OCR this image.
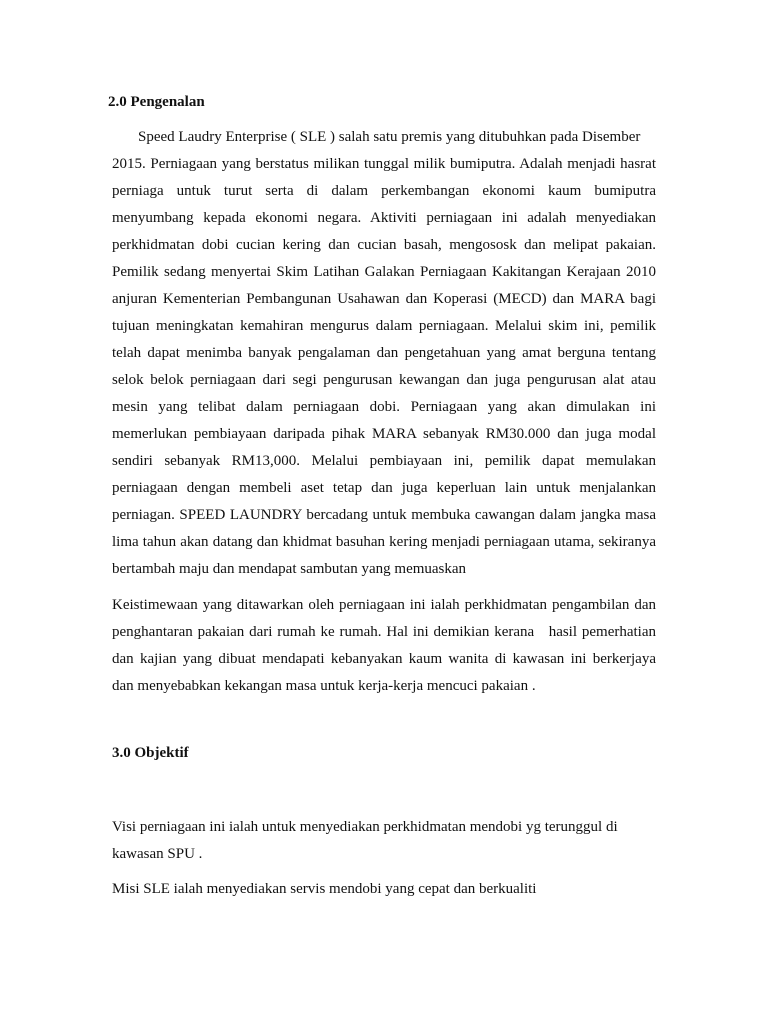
2.0 Pengenalan
Speed Laudry Enterprise ( SLE ) salah satu premis yang ditubuhkan pada Disember
2015. Perniagaan yang berstatus milikan tunggal milik bumiputra. Adalah menjadi hasrat
perniaga untuk turut serta di dalam perkembangan ekonomi kaum bumiputra
menyumbang kepada ekonomi negara. Aktiviti perniagaan ini adalah menyediakan
perkhidmatan dobi cucian kering dan cucian basah, mengososk dan melipat pakaian.
Pemilik sedang menyertai Skim Latihan Galakan Perniagaan Kakitangan Kerajaan 2010
anjuran Kementerian Pembangunan Usahawan dan Koperasi (MECD) dan MARA bagi
tujuan meningkatan kemahiran mengurus dalam perniagaan. Melalui skim ini, pemilik
telah dapat menimba banyak pengalaman dan pengetahuan yang amat berguna tentang
selok belok perniagaan dari segi pengurusan kewangan dan juga pengurusan alat atau
mesin yang telibat dalam perniagaan dobi. Perniagaan yang akan dimulakan ini
memerlukan pembiayaan daripada pihak MARA sebanyak RM30.000 dan juga modal
sendiri sebanyak RM13,000. Melalui pembiayaan ini, pemilik dapat memulakan
perniagaan dengan membeli aset tetap dan juga keperluan lain untuk menjalankan
perniagan. SPEED LAUNDRY bercadang untuk membuka cawangan dalam jangka masa
lima tahun akan datang dan khidmat basuhan kering menjadi perniagaan utama, sekiranya
bertambah maju dan mendapat sambutan yang memuaskan
Keistimewaan yang ditawarkan oleh perniagaan ini ialah perkhidmatan pengambilan dan
penghantaran pakaian dari rumah ke rumah. Hal ini demikian kerana   hasil pemerhatian
dan kajian yang dibuat mendapati kebanyakan kaum wanita di kawasan ini berkerjaya
dan menyebabkan kekangan masa untuk kerja-kerja mencuci pakaian .
3.0 Objektif
Visi perniagaan ini ialah untuk menyediakan perkhidmatan mendobi yg terunggul di
kawasan SPU .
Misi SLE ialah menyediakan servis mendobi yang cepat dan berkualiti
